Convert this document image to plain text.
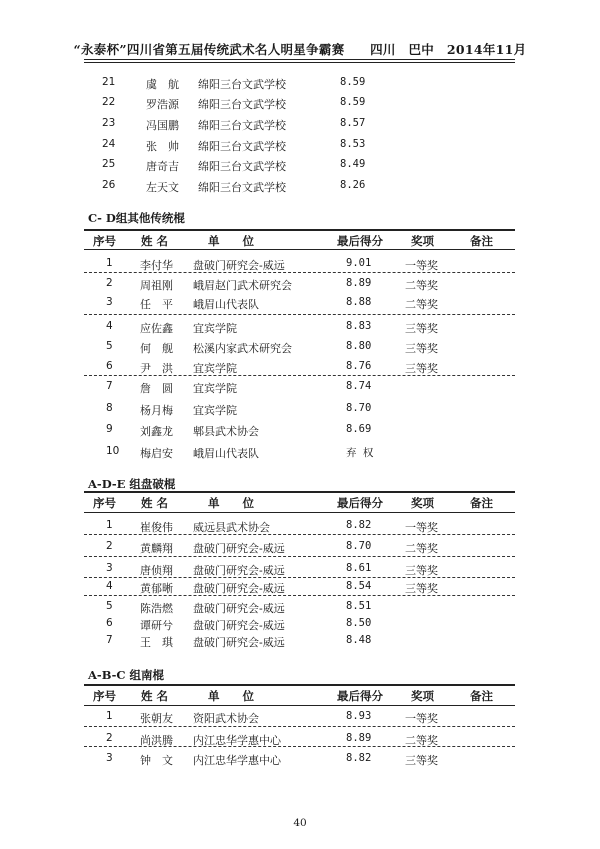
“永泰杯”四川省第五届传统武术名人明星争霸赛　　四川　巴中　2014年11月
21	虞　航 绵阳三台文武学校	8.59
22	罗浩源 绵阳三台文武学校	8.59
23	冯国鹏 绵阳三台文武学校	8.57
24	张　帅 绵阳三台文武学校	8.53
25	唐奇吉 绵阳三台文武学校	8.49
26	左天文 绵阳三台文武学校	8.26
C- D组其他传统棍
序号 姓 名	单　　位	最后得分 奖项	备注
1 李付华 盘破门研究会-威远	9.01	一等奖
2 周祖刚 峨眉赵门武术研究会	8.89	二等奖
3 任　平 峨眉山代表队	8.88	二等奖
4 应佐鑫 宜宾学院	8.83	三等奖
5 何　舰 松溪内家武术研究会	8.80	三等奖
6 尹　洪 宜宾学院	8.76	三等奖
7 詹　圆 宜宾学院	8.74
8 杨月梅 宜宾学院	8.70
9 刘鑫龙 郫县武术协会	8.69
10 梅启安 峨眉山代表队	弃 权
A-D-E 组盘破棍
序号 姓 名	单　　位	最后得分 奖项	备注
1 崔俊伟 威远县武术协会	8.82	一等奖
2 黄麟翔 盘破门研究会-威远	8.70	二等奖
3 唐侦翔 盘破门研究会-威远	8.61	三等奖
4 黄郁晰 盘破门研究会-威远	8.54	三等奖
5 陈浩燃 盘破门研究会-威远	8.51
6 谭研兮 盘破门研究会-威远	8.50
7 王　琪 盘破门研究会-威远	8.48
A-B-C 组南棍
序号 姓 名	单　　位	最后得分 奖项	备注
1 张朝友 资阳武术协会	8.93	一等奖
2 尚洪腾 内江忠华学惠中心	8.89	二等奖
3 钟　文 内江忠华学惠中心	8.82	三等奖
40
